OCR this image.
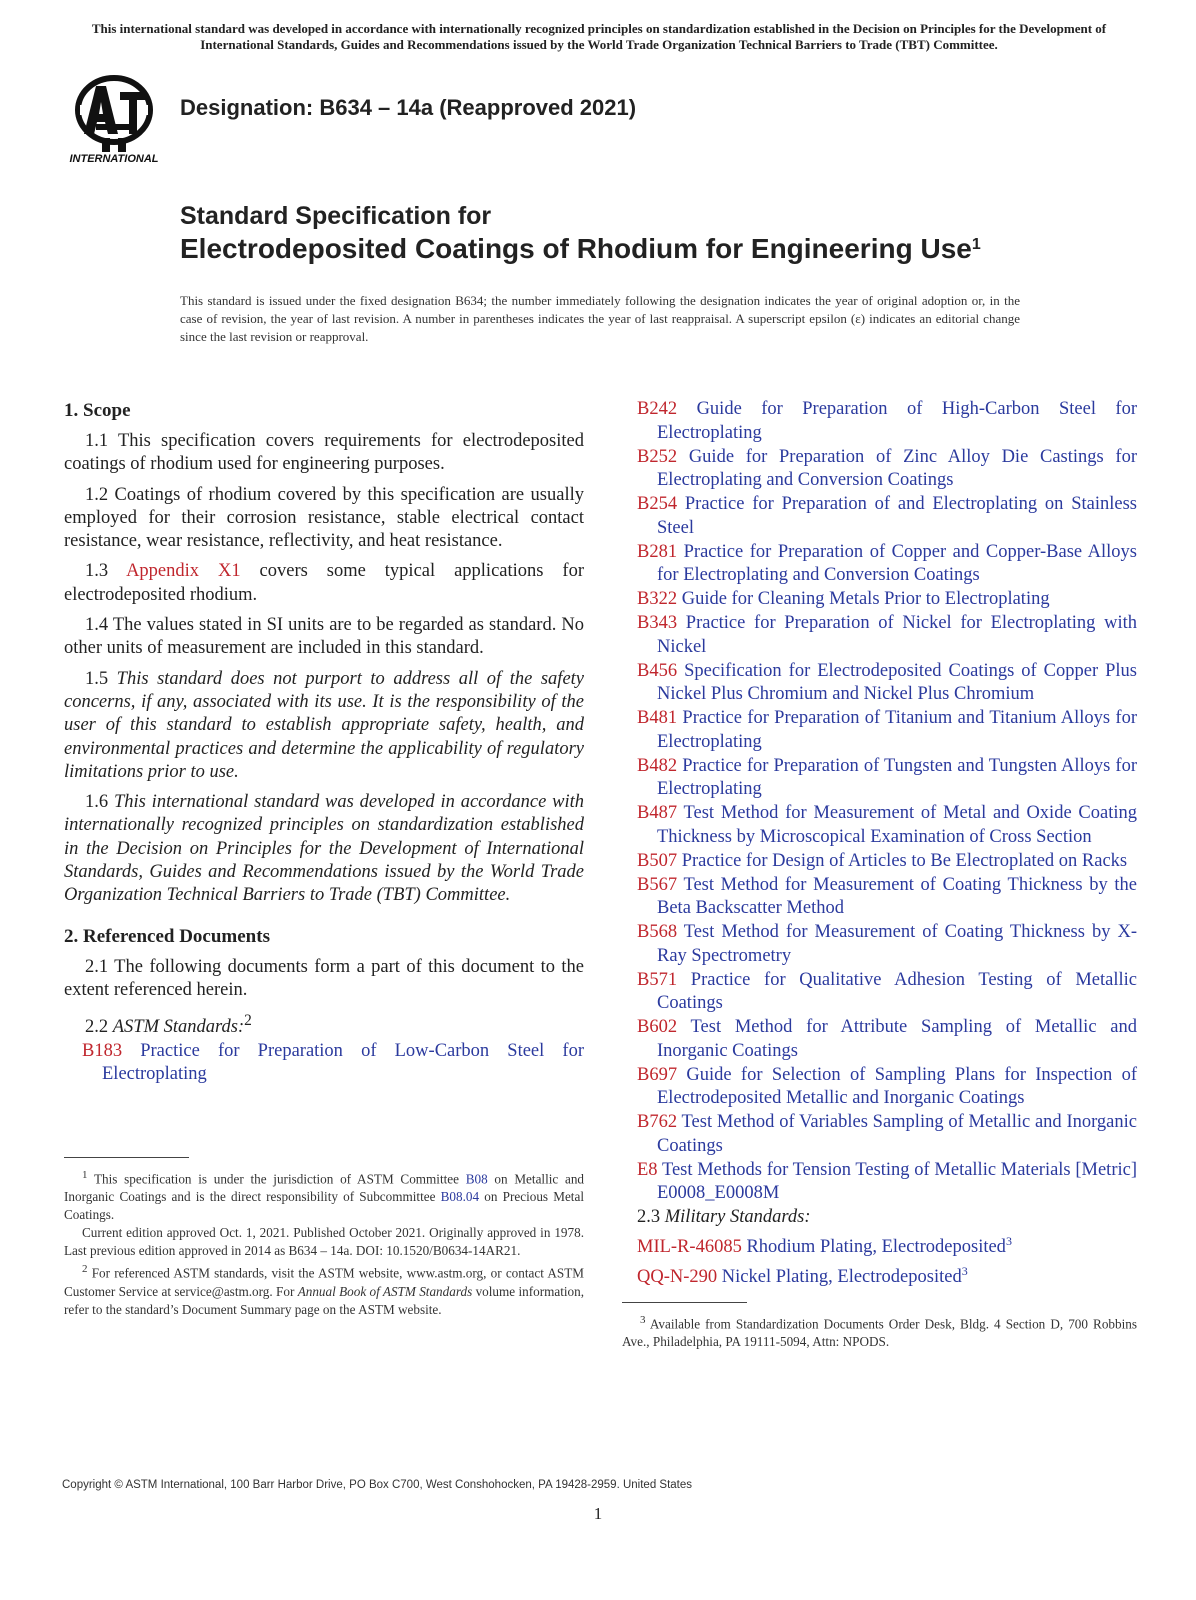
This international standard was developed in accordance with internationally recognized principles on standardization established in the Decision on Principles for the Development of International Standards, Guides and Recommendations issued by the World Trade Organization Technical Barriers to Trade (TBT) Committee.
INTERNATIONAL
Designation: B634 – 14a (Reapproved 2021)
Standard Specification for
Electrodeposited Coatings of Rhodium for Engineering Use$^1$
This standard is issued under the fixed designation B634; the number immediately following the designation indicates the year of original adoption or, in the case of revision, the year of last revision. A number in parentheses indicates the year of last reappraisal. A superscript epsilon (ε) indicates an editorial change since the last revision or reapproval.
1. Scope

1.1 This specification covers requirements for electrodeposited coatings of rhodium used for engineering purposes.

1.2 Coatings of rhodium covered by this specification are usually employed for their corrosion resistance, stable electrical contact resistance, wear resistance, reflectivity, and heat resistance.

1.3 Appendix X1 covers some typical applications for electrodeposited rhodium.

1.4 The values stated in SI units are to be regarded as standard. No other units of measurement are included in this standard.

1.5 This standard does not purport to address all of the safety concerns, if any, associated with its use. It is the responsibility of the user of this standard to establish appropriate safety, health, and environmental practices and determine the applicability of regulatory limitations prior to use.

1.6 This international standard was developed in accordance with internationally recognized principles on standardization established in the Decision on Principles for the Development of International Standards, Guides and Recommendations issued by the World Trade Organization Technical Barriers to Trade (TBT) Committee.

2. Referenced Documents

2.1 The following documents form a part of this document to the extent referenced herein.

2.2 ASTM Standards:$^2$

B183 Practice for Preparation of Low-Carbon Steel for Electroplating
B242 Guide for Preparation of High-Carbon Steel for Electroplating
B252 Guide for Preparation of Zinc Alloy Die Castings for Electroplating and Conversion Coatings
B254 Practice for Preparation of and Electroplating on Stainless Steel
B281 Practice for Preparation of Copper and Copper-Base Alloys for Electroplating and Conversion Coatings
B322 Guide for Cleaning Metals Prior to Electroplating
B343 Practice for Preparation of Nickel for Electroplating with Nickel
B456 Specification for Electrodeposited Coatings of Copper Plus Nickel Plus Chromium and Nickel Plus Chromium
B481 Practice for Preparation of Titanium and Titanium Alloys for Electroplating
B482 Practice for Preparation of Tungsten and Tungsten Alloys for Electroplating
B487 Test Method for Measurement of Metal and Oxide Coating Thickness by Microscopical Examination of Cross Section
B507 Practice for Design of Articles to Be Electroplated on Racks
B567 Test Method for Measurement of Coating Thickness by the Beta Backscatter Method
B568 Test Method for Measurement of Coating Thickness by X-Ray Spectrometry
B571 Practice for Qualitative Adhesion Testing of Metallic Coatings
B602 Test Method for Attribute Sampling of Metallic and Inorganic Coatings
B697 Guide for Selection of Sampling Plans for Inspection of Electrodeposited Metallic and Inorganic Coatings
B762 Test Method of Variables Sampling of Metallic and Inorganic Coatings
E8 Test Methods for Tension Testing of Metallic Materials [Metric] E0008_E0008M
2.3 Military Standards:
MIL-R-46085 Rhodium Plating, Electrodeposited$^3$
QQ-N-290 Nickel Plating, Electrodeposited$^3$

$^1$ This specification is under the jurisdiction of ASTM Committee B08 on Metallic and Inorganic Coatings and is the direct responsibility of Subcommittee B08.04 on Precious Metal Coatings.

Current edition approved Oct. 1, 2021. Published October 2021. Originally approved in 1978. Last previous edition approved in 2014 as B634 – 14a. DOI: 10.1520/B0634-14AR21.

$^2$ For referenced ASTM standards, visit the ASTM website, www.astm.org, or contact ASTM Customer Service at service@astm.org. For Annual Book of ASTM Standards volume information, refer to the standard’s Document Summary page on the ASTM website.

$^3$ Available from Standardization Documents Order Desk, Bldg. 4 Section D, 700 Robbins Ave., Philadelphia, PA 19111-5094, Attn: NPODS.

Copyright © ASTM International, 100 Barr Harbor Drive, PO Box C700, West Conshohocken, PA 19428-2959. United States
1
